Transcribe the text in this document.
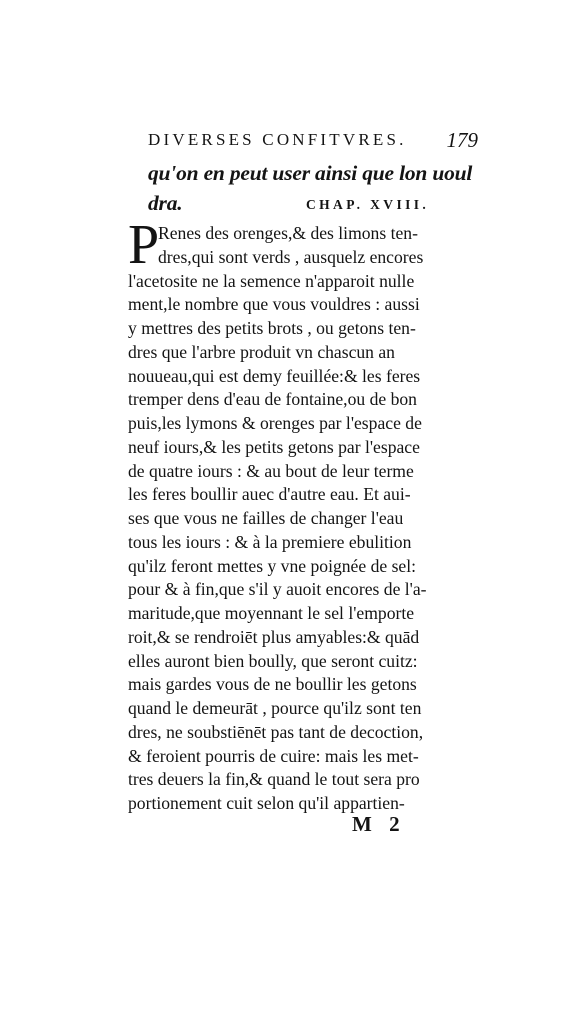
DIVERSES CONFITVRES. 179
qu'on en peut user ainsi que lon uoul
dra.	CHAP. XVIII.
P
Renes des orenges,& des limons ten-
dres,qui sont verds , ausquelz encores
l'acetosite ne la semence n'apparoit nulle
ment,le nombre que vous vouldres : aussi
y mettres des petits brots , ou getons ten-
dres que l'arbre produit vn chascun an
nouueau,qui est demy feuillée:& les feres
tremper dens d'eau de fontaine,ou de bon
puis,les lymons & orenges par l'espace de
neuf iours,& les petits getons par l'espace
de quatre iours : & au bout de leur terme
les feres boullir auec d'autre eau. Et aui-
ses que vous ne failles de changer l'eau
tous les iours : & à la premiere ebulition
qu'ilz feront mettes y vne poignée de sel:
pour & à fin,que s'il y auoit encores de l'a-
maritude,que moyennant le sel l'emporte
roit,& se rendroiēt plus amyables:& quād
elles auront bien boully, que seront cuitz:
mais gardes vous de ne boullir les getons
quand le demeurāt , pource qu'ilz sont ten
dres, ne soubstiēnēt pas tant de decoction,
& feroient pourris de cuire: mais les met-
tres deuers la fin,& quand le tout sera pro
portionement cuit selon qu'il appartien-
M 2
